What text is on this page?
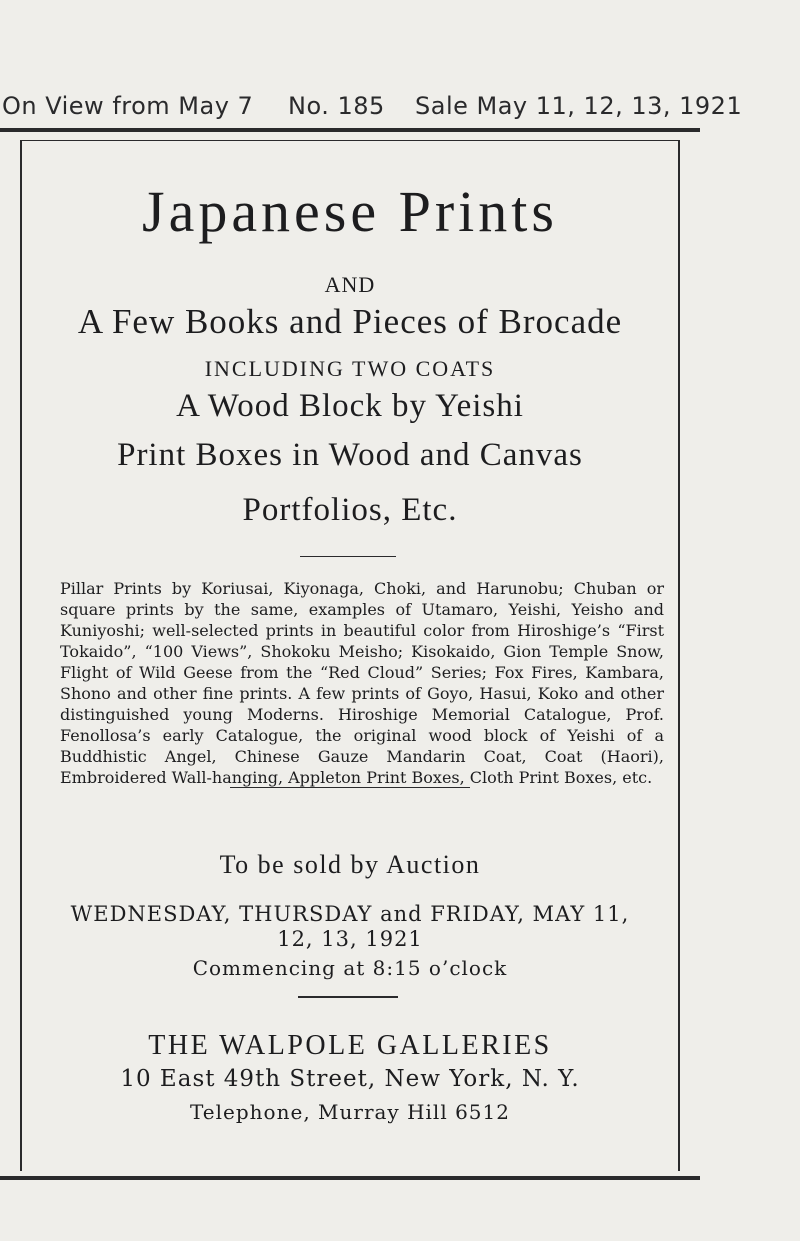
On View from May 7 No. 185 Sale May 11, 12, 13, 1921
Japanese Prints
AND
A Few Books and Pieces of Brocade
INCLUDING TWO COATS
A Wood Block by Yeishi
Print Boxes in Wood and Canvas
Portfolios, Etc.
Pillar Prints by Koriusai, Kiyonaga, Choki, and Harunobu; Chuban or square prints by the same, examples of Utamaro, Yeishi, Yeisho and Kuniyoshi; well-selected prints in beautiful color from Hiroshige’s “First Tokaido”, “100 Views”, Shokoku Meisho; Kisokaido, Gion Temple Snow, Flight of Wild Geese from the “Red Cloud” Series; Fox Fires, Kambara, Shono and other fine prints. A few prints of Goyo, Hasui, Koko and other distinguished young Moderns. Hiroshige Memorial Catalogue, Prof. Fenollosa’s early Catalogue, the original wood block of Yeishi of a Buddhistic Angel, Chinese Gauze Mandarin Coat, Coat (Haori), Embroidered Wall-hanging, Appleton Print Boxes, Cloth Print Boxes, etc.
To be sold by Auction
WEDNESDAY, THURSDAY and FRIDAY, MAY 11,
12, 13, 1921
Commencing at 8:15 o’clock
THE WALPOLE GALLERIES
10 East 49th Street, New York, N. Y.
Telephone, Murray Hill 6512
